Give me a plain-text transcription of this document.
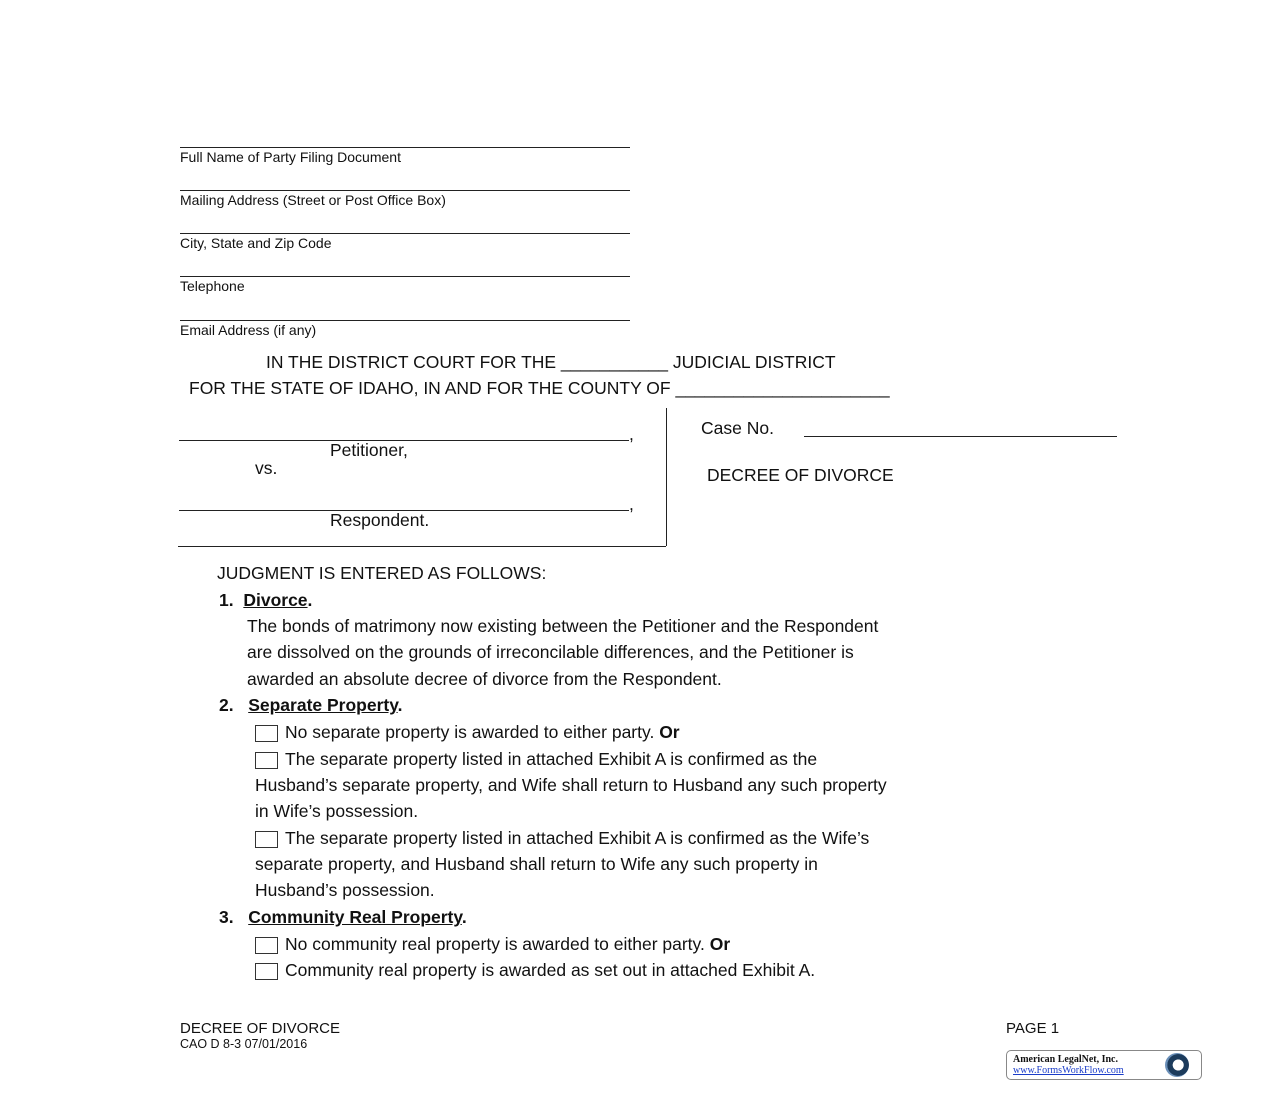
Full Name of Party Filing Document
Mailing Address (Street or Post Office Box)
City, State and Zip Code
Telephone
Email Address (if any)
IN THE DISTRICT COURT FOR THE ___________ JUDICIAL DISTRICT
FOR THE STATE OF IDAHO, IN AND FOR THE COUNTY OF ______________________
,
Petitioner,
vs.
,
Respondent.
Case No.
DECREE OF DIVORCE
JUDGMENT IS ENTERED AS FOLLOWS:
1. Divorce.
The bonds of matrimony now existing between the Petitioner and the Respondent
are dissolved on the grounds of irreconcilable differences, and the Petitioner is
awarded an absolute decree of divorce from the Respondent.
2. Separate Property.
No separate property is awarded to either party. Or
The separate property listed in attached Exhibit A is confirmed as the
Husband’s separate property, and Wife shall return to Husband any such property
in Wife’s possession.
The separate property listed in attached Exhibit A is confirmed as the Wife’s
separate property, and Husband shall return to Wife any such property in
Husband’s possession.
3. Community Real Property.
No community real property is awarded to either party. Or
Community real property is awarded as set out in attached Exhibit A.
DECREE OF DIVORCE
CAO D 8-3 07/01/2016
PAGE 1
American LegalNet, Inc.
www.FormsWorkFlow.com
